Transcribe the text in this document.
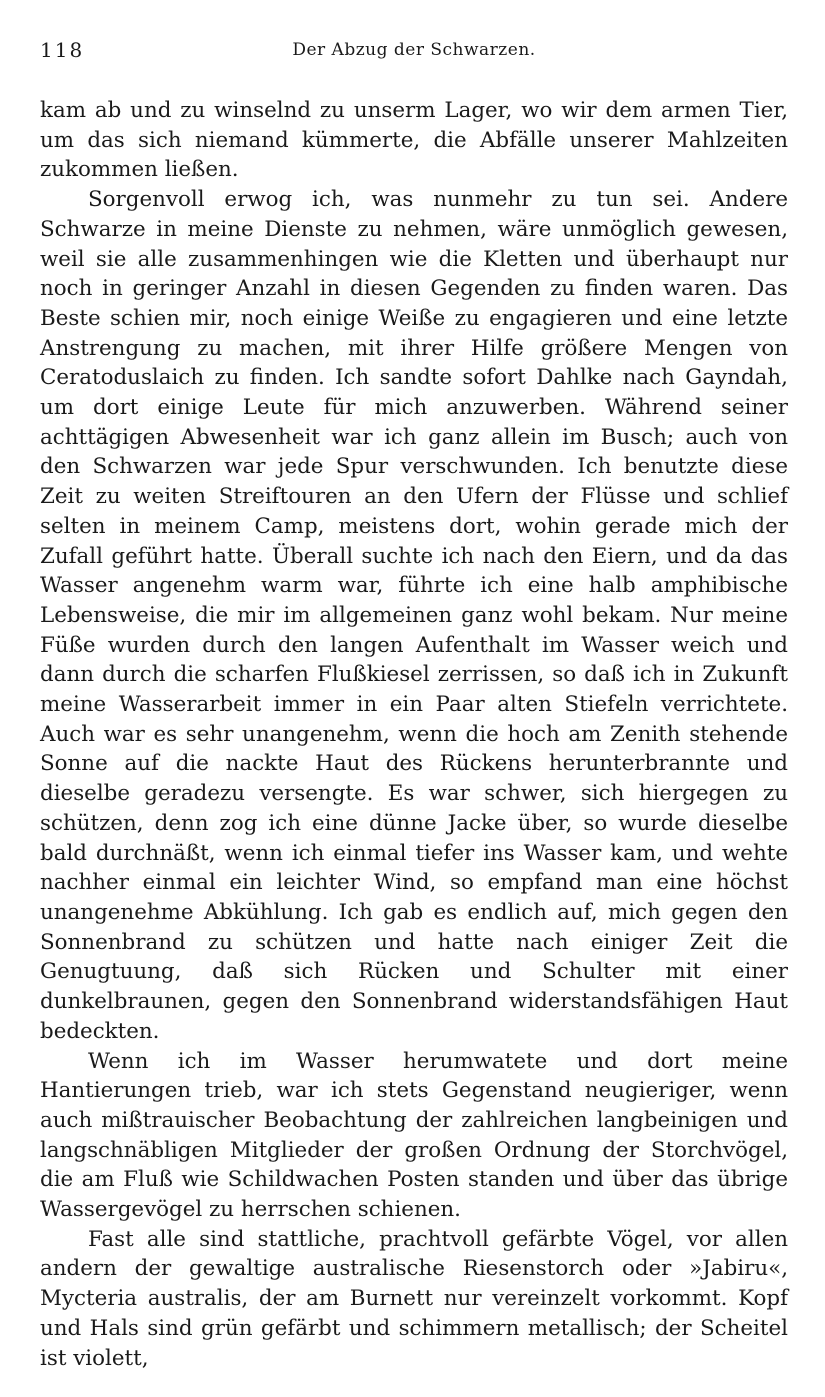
118	Der Abzug der Schwarzen.

kam ab und zu winselnd zu unserm Lager, wo wir dem armen Tier, um das sich niemand kümmerte, die Abfälle unserer Mahlzeiten zukommen ließen.

Sorgenvoll erwog ich, was nunmehr zu tun sei. Andere Schwarze in meine Dienste zu nehmen, wäre unmöglich gewesen, weil sie alle zusammenhingen wie die Kletten und überhaupt nur noch in geringer Anzahl in diesen Gegenden zu finden waren. Das Beste schien mir, noch einige Weiße zu engagieren und eine letzte Anstrengung zu machen, mit ihrer Hilfe größere Mengen von Ceratoduslaich zu finden. Ich sandte sofort Dahlke nach Gayndah, um dort einige Leute für mich anzuwerben. Während seiner achttägigen Abwesenheit war ich ganz allein im Busch; auch von den Schwarzen war jede Spur verschwunden. Ich benutzte diese Zeit zu weiten Streiftouren an den Ufern der Flüsse und schlief selten in meinem Camp, meistens dort, wohin gerade mich der Zufall geführt hatte. Überall suchte ich nach den Eiern, und da das Wasser angenehm warm war, führte ich eine halb amphibische Lebensweise, die mir im allgemeinen ganz wohl bekam. Nur meine Füße wurden durch den langen Aufenthalt im Wasser weich und dann durch die scharfen Flußkiesel zerrissen, so daß ich in Zukunft meine Wasserarbeit immer in ein Paar alten Stiefeln verrichtete. Auch war es sehr unangenehm, wenn die hoch am Zenith stehende Sonne auf die nackte Haut des Rückens herunterbrannte und dieselbe geradezu versengte. Es war schwer, sich hiergegen zu schützen, denn zog ich eine dünne Jacke über, so wurde dieselbe bald durchnäßt, wenn ich einmal tiefer ins Wasser kam, und wehte nachher einmal ein leichter Wind, so empfand man eine höchst unangenehme Abkühlung. Ich gab es endlich auf, mich gegen den Sonnenbrand zu schützen und hatte nach einiger Zeit die Genugtuung, daß sich Rücken und Schulter mit einer dunkelbraunen, gegen den Sonnenbrand widerstandsfähigen Haut bedeckten.

Wenn ich im Wasser herumwatete und dort meine Hantierungen trieb, war ich stets Gegenstand neugieriger, wenn auch mißtrauischer Beobachtung der zahlreichen langbeinigen und langschnäbligen Mitglieder der großen Ordnung der Storchvögel, die am Fluß wie Schildwachen Posten standen und über das übrige Wassergevögel zu herrschen schienen.

Fast alle sind stattliche, prachtvoll gefärbte Vögel, vor allen andern der gewaltige australische Riesenstorch oder »Jabiru«, Mycteria australis, der am Burnett nur vereinzelt vorkommt. Kopf und Hals sind grün gefärbt und schimmern metallisch; der Scheitel ist violett,
